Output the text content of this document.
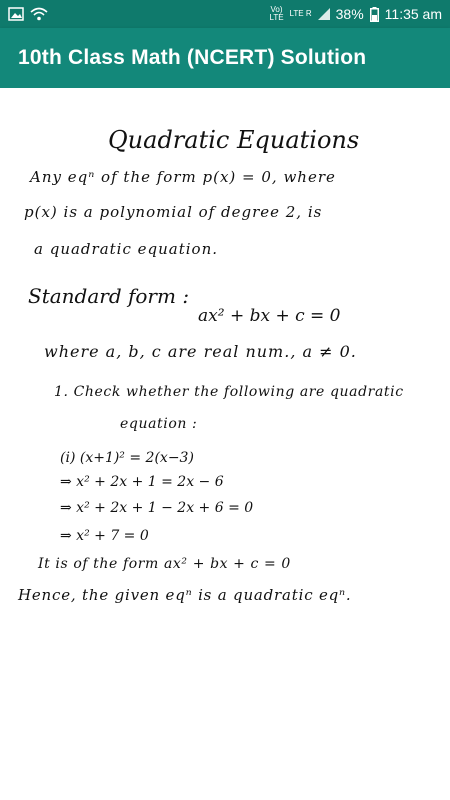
Vo)
LTE LTE R 38% 11:35 am
10th Class Math (NCERT) Solution
Quadratic Equations
Any eqⁿ of the form p(x) = 0, where
p(x) is a polynomial of degree 2, is
a quadratic equation.
Standard form :
ax² + bx + c = 0
where a, b, c are real num., a ≠ 0.
1. Check whether the following are quadratic
equation :
(i) (x+1)² = 2(x−3)
⇒ x² + 2x + 1 = 2x − 6
⇒ x² + 2x + 1 − 2x + 6 = 0
⇒ x² + 7 = 0
It is of the form ax² + bx + c = 0
Hence, the given eqⁿ is a quadratic eqⁿ.
